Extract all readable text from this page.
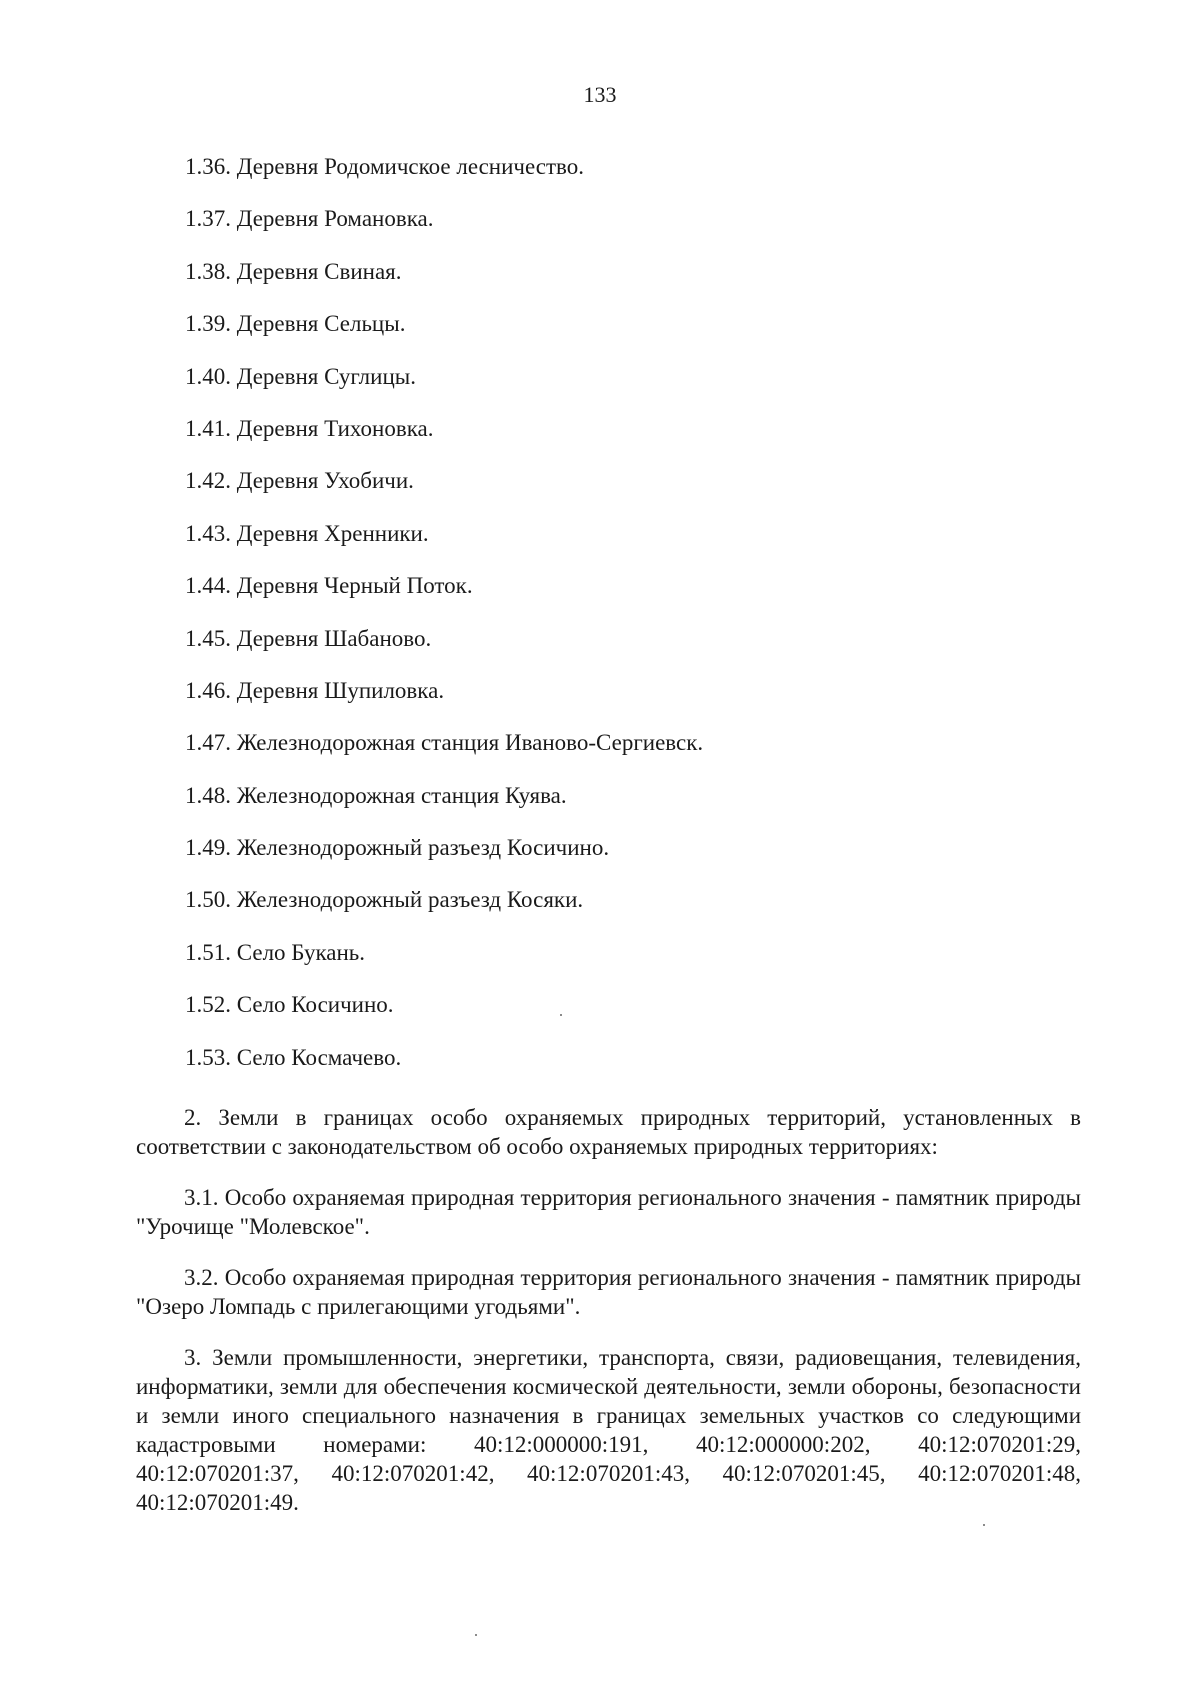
133
1.36. Деревня Родомичское лесничество.
1.37. Деревня Романовка.
1.38. Деревня Свиная.
1.39. Деревня Сельцы.
1.40. Деревня Суглицы.
1.41. Деревня Тихоновка.
1.42. Деревня Ухобичи.
1.43. Деревня Хренники.
1.44. Деревня Черный Поток.
1.45. Деревня Шабаново.
1.46. Деревня Шупиловка.
1.47. Железнодорожная станция Иваново-Сергиевск.
1.48. Железнодорожная станция Куява.
1.49. Железнодорожный разъезд Косичино.
1.50. Железнодорожный разъезд Косяки.
1.51. Село Букань.
1.52. Село Косичино.
1.53. Село Космачево.

2. Земли в границах особо охраняемых природных территорий, установленных в соответствии с законодательством об особо охраняемых природных территориях:

3.1. Особо охраняемая природная территория регионального значения - памятник природы "Урочище "Молевское".

3.2. Особо охраняемая природная территория регионального значения - памятник природы "Озеро Ломпадь с прилегающими угодьями".

3. Земли промышленности, энергетики, транспорта, связи, радиовещания, телевидения, информатики, земли для обеспечения космической деятельности, земли обороны, безопасности и земли иного специального назначения в границах земельных участков со следующими кадастровыми номерами: 40:12:000000:191, 40:12:000000:202, 40:12:070201:29, 40:12:070201:37, 40:12:070201:42, 40:12:070201:43, 40:12:070201:45, 40:12:070201:48, 40:12:070201:49.
